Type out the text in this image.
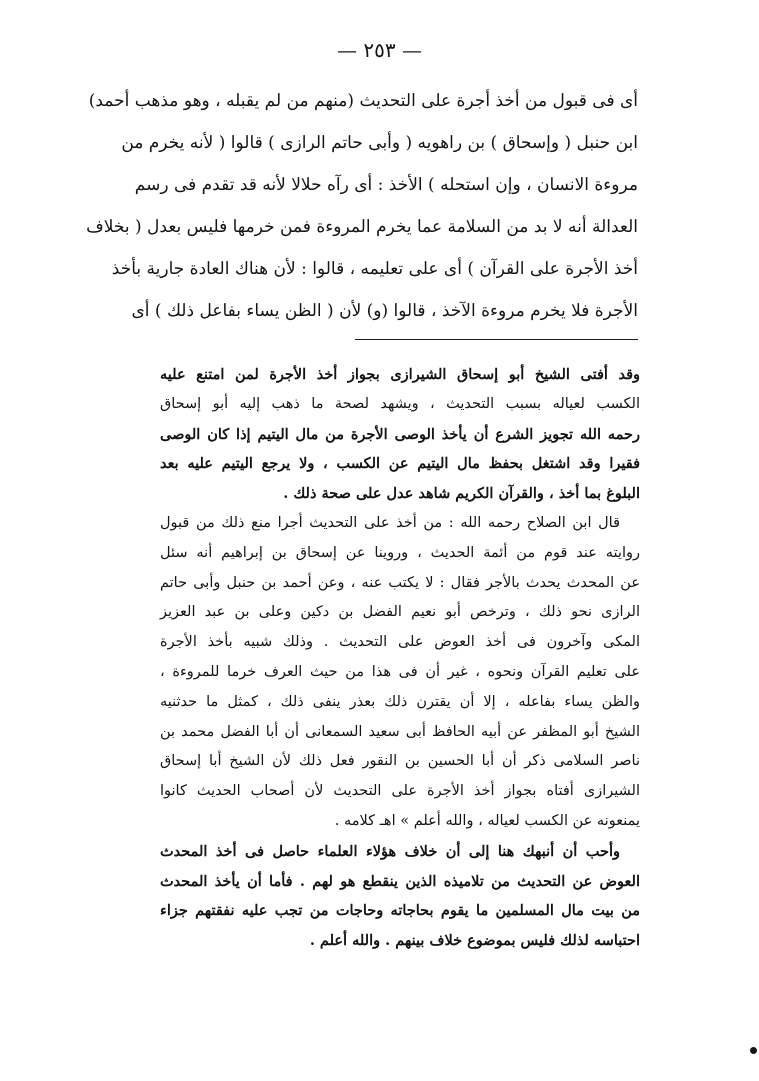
— ٢٥٣ —
أى فى قبول من أخذ أجرة على التحديث (منهم من لم يقبله ، وهو مذهب أحمد)
ابن حنبل ( وإسحاق ) بن راهويه ( وأبى حاتم الرازى ) قالوا ( لأنه يخرم من
مروءة الانسان ، وإن استحله ) الأخذ : أى رآه حلالا لأنه قد تقدم فى رسم
العدالة أنه لا بد من السلامة عما يخرم المروءة فمن خرمها فليس بعدل ( بخلاف
أخذ الأجرة على القرآن ) أى على تعليمه ، قالوا : لأن هناك العادة جارية بأخذ
الأجرة فلا يخرم مروءة الآخذ ، قالوا (و) لأن ( الظن يساء بفاعل ذلك ) أى
وقد أفتى الشيخ أبو إسحاق الشيرازى بجواز أخذ الأجرة لمن امتنع عليه
الكسب لعياله بسبب التحديث ، ويشهد لصحة ما ذهب إليه أبو إسحاق
رحمه الله تجويز الشرع أن يأخذ الوصى الأجرة من مال اليتيم إذا كان الوصى
فقيرا وقد اشتغل بحفظ مال اليتيم عن الكسب ، ولا يرجع اليتيم عليه بعد
البلوغ بما أخذ ، والقرآن الكريم شاهد عدل على صحة ذلك .
قال ابن الصلاح رحمه الله : من أخذ على التحديث أجرا منع ذلك من قبول
روايته عند قوم من أئمة الحديث ، وروينا عن إسحاق بن إبراهيم أنه سئل
عن المحدث يحدث بالأجر فقال : لا يكتب عنه ، وعن أحمد بن حنبل وأبى حاتم
الرازى نحو ذلك ، وترخص أبو نعيم الفضل بن دكين وعلى بن عبد العزيز
المكى وآخرون فى أخذ العوض على التحديث . وذلك شبيه بأخذ الأجرة
على تعليم القرآن ونحوه ، غير أن فى هذا من حيث العرف خرما للمروءة ،
والظن يساء بفاعله ، إلا أن يقترن ذلك بعذر ينفى ذلك ، كمثل ما حدثنيه
الشيخ أبو المظفر عن أبيه الحافظ أبى سعيد السمعانى أن أبا الفضل محمد بن
ناصر السلامى ذكر أن أبا الحسين بن النقور فعل ذلك لأن الشيخ أبا إسحاق
الشيرازى أفتاه بجواز أخذ الأجرة على التحديث لأن أصحاب الحديث كانوا
يمنعونه عن الكسب لعياله ، والله أعلم » اهـ كلامه .
وأحب أن أنبهك هنا إلى أن خلاف هؤلاء العلماء حاصل فى أخذ المحدث
العوض عن التحديث من تلاميذه الذين ينقطع هو لهم . فأما أن يأخذ المحدث
من بيت مال المسلمين ما يقوم بحاجاته وحاجات من تجب عليه نفقتهم جزاء
احتباسه لذلك فليس بموضوع خلاف بينهم . والله أعلم .
